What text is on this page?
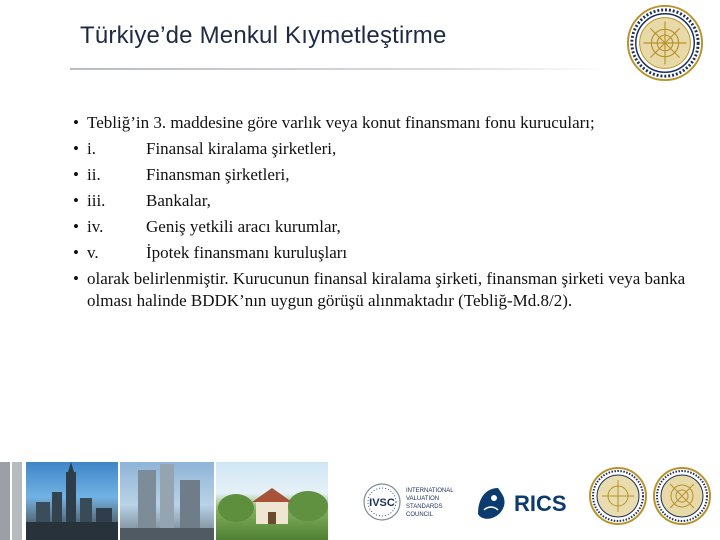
Türkiye’de Menkul Kıymetleştirme
• Tebliğ’in 3. maddesine göre varlık veya konut finansmanı fonu kurucuları;
• i.	Finansal kiralama şirketleri,
• ii.	Finansman şirketleri,
• iii. Bankalar,
• iv.	Geniş yetkili aracı kurumlar,
• v.	İpotek finansmanı kuruluşları
• olarak belirlenmiştir. Kurucunun finansal kiralama şirketi, finansman şirketi veya banka olması halinde BDDK’nın uygun görüşü alınmaktadır (Tebliğ-Md.8/2).
IVSC
INTERNATIONAL
VALUATION
STANDARDS
COUNCIL	RICS
